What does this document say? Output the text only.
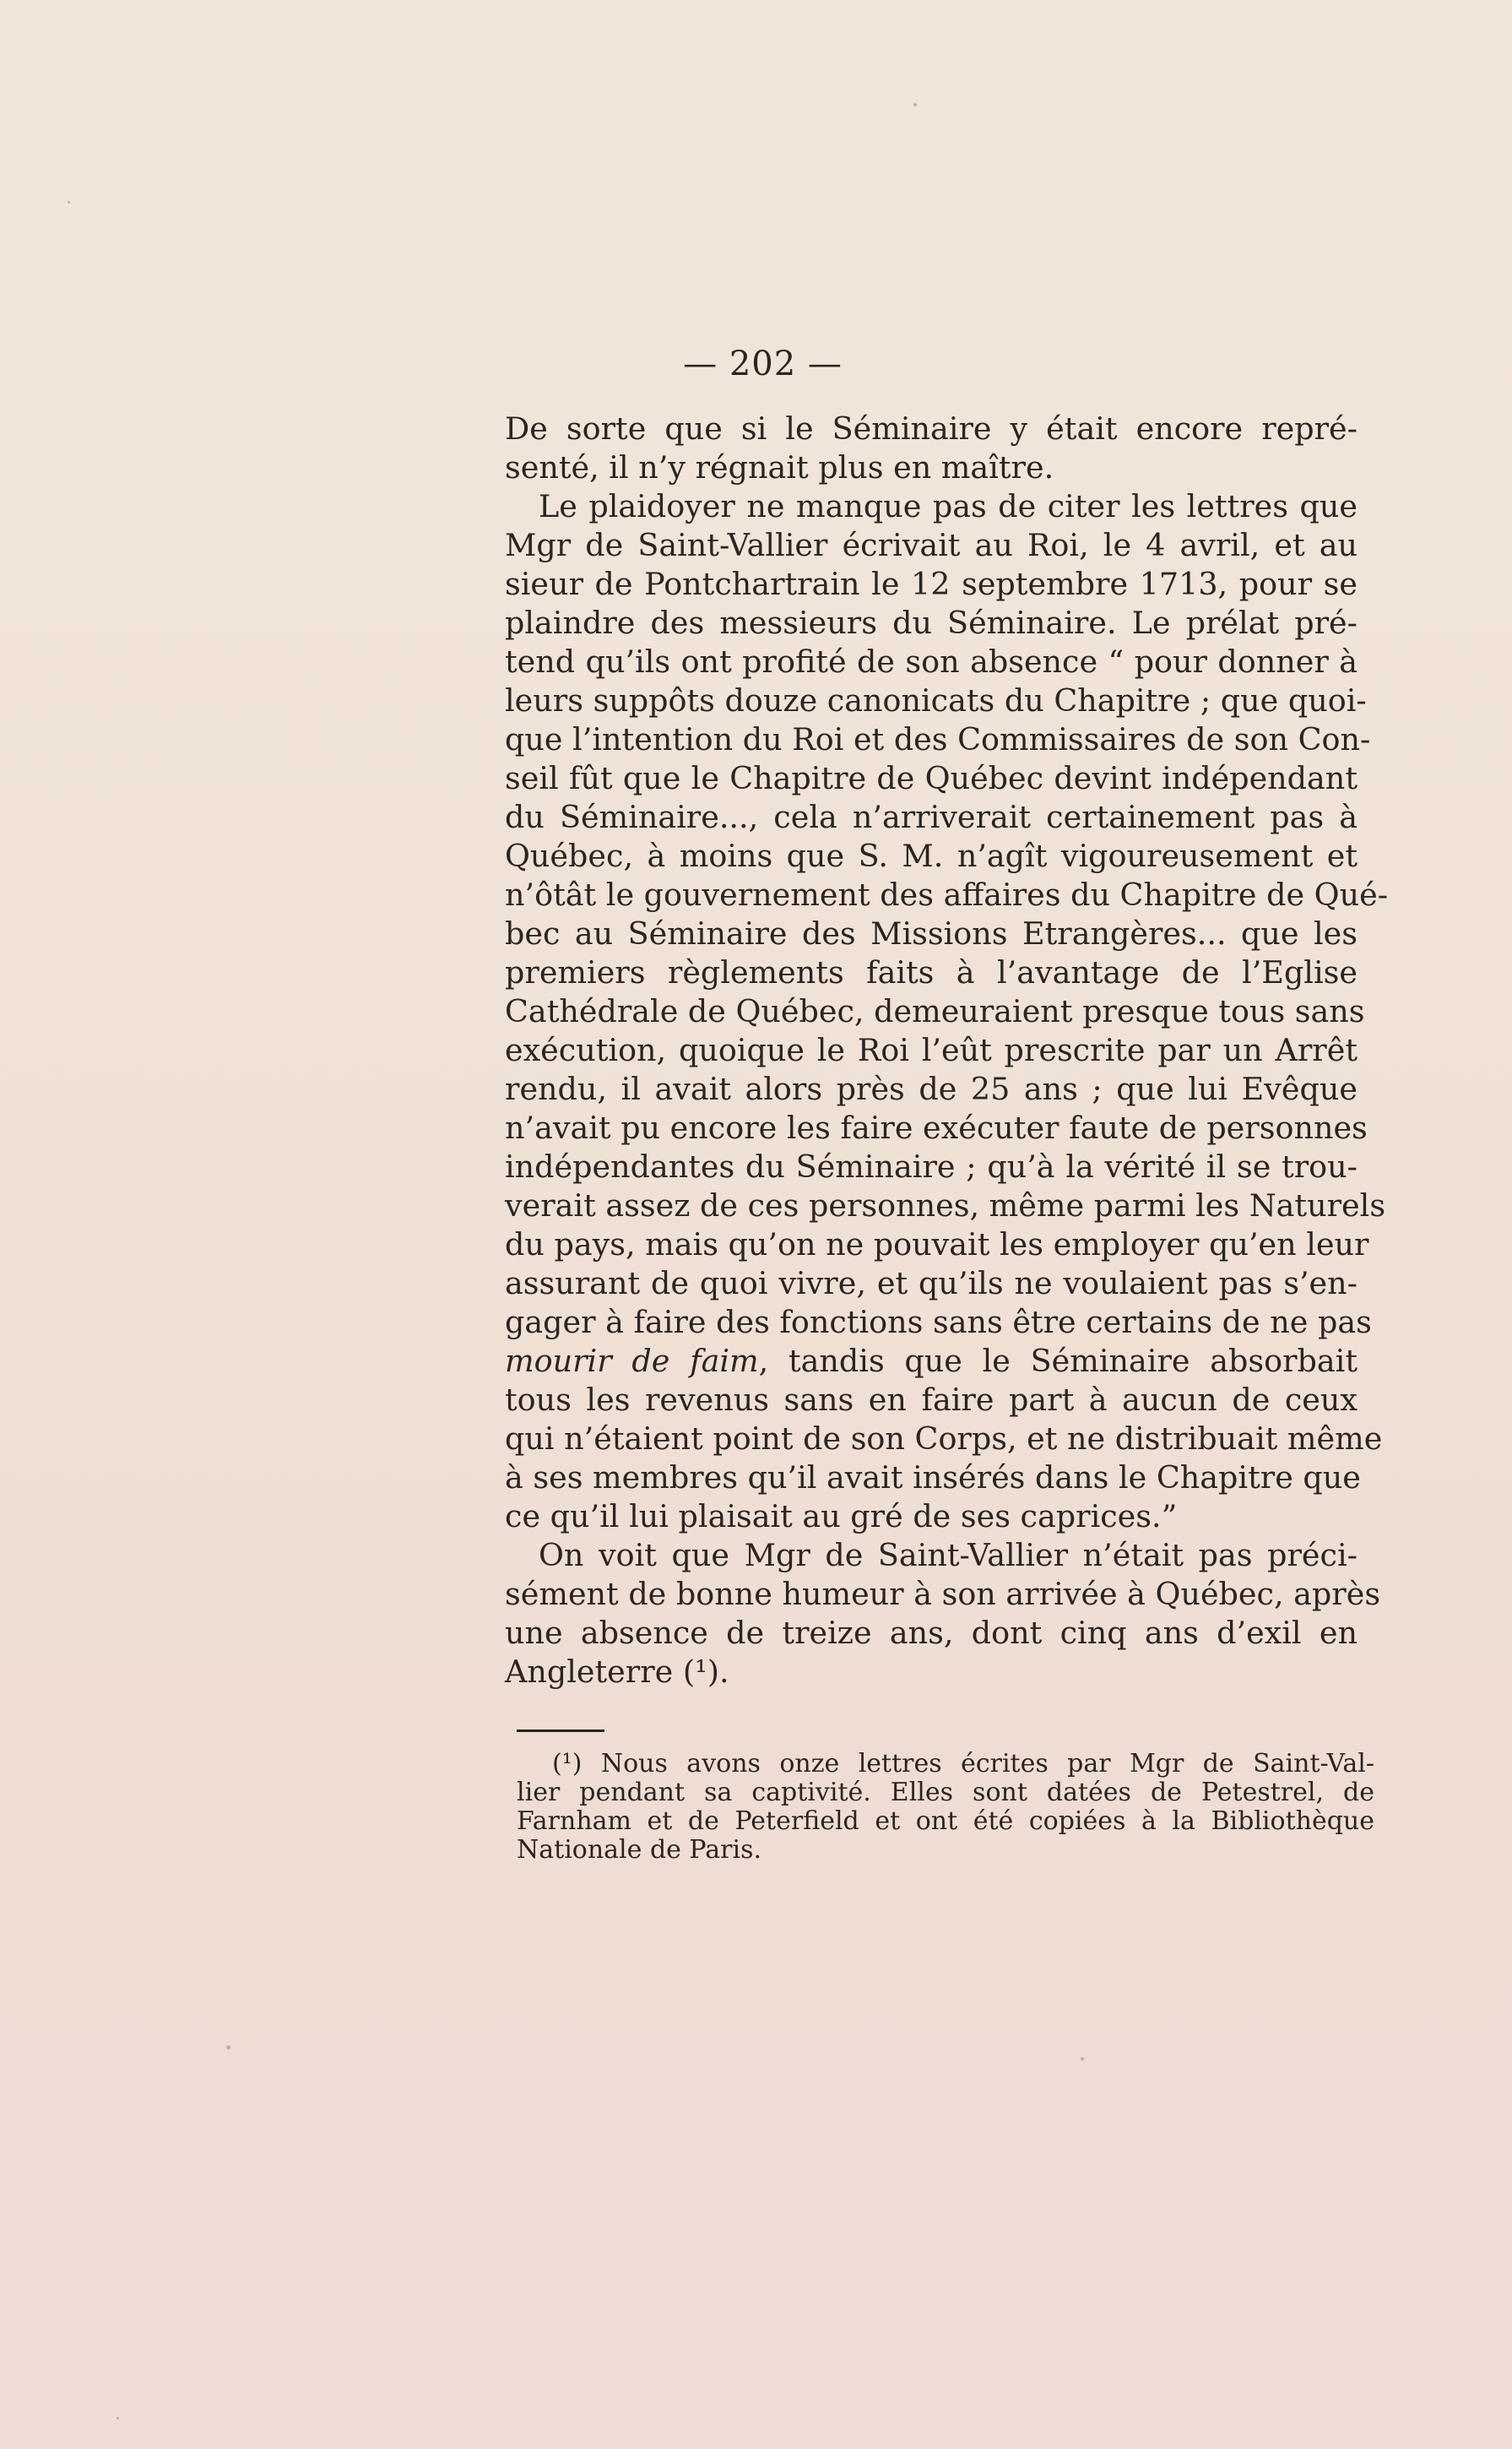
— 202 —
De sorte que si le Séminaire y était encore repré-
senté, il n’y régnait plus en maître.
Le plaidoyer ne manque pas de citer les lettres que
Mgr de Saint-Vallier écrivait au Roi, le 4 avril, et au
sieur de Pontchartrain le 12 septembre 1713, pour se
plaindre des messieurs du Séminaire. Le prélat pré-
tend qu’ils ont profité de son absence “ pour donner à
leurs suppôts douze canonicats du Chapitre ; que quoi-
que l’intention du Roi et des Commissaires de son Con-
seil fût que le Chapitre de Québec devint indépendant
du Séminaire..., cela n’arriverait certainement pas à
Québec, à moins que S. M. n’agît vigoureusement et
n’ôtât le gouvernement des affaires du Chapitre de Qué-
bec au Séminaire des Missions Etrangères... que les
premiers règlements faits à l’avantage de l’Eglise
Cathédrale de Québec, demeuraient presque tous sans
exécution, quoique le Roi l’eût prescrite par un Arrêt
rendu, il avait alors près de 25 ans ; que lui Evêque
n’avait pu encore les faire exécuter faute de personnes
indépendantes du Séminaire ; qu’à la vérité il se trou-
verait assez de ces personnes, même parmi les Naturels
du pays, mais qu’on ne pouvait les employer qu’en leur
assurant de quoi vivre, et qu’ils ne voulaient pas s’en-
gager à faire des fonctions sans être certains de ne pas
mourir de faim, tandis que le Séminaire absorbait
tous les revenus sans en faire part à aucun de ceux
qui n’étaient point de son Corps, et ne distribuait même
à ses membres qu’il avait insérés dans le Chapitre que
ce qu’il lui plaisait au gré de ses caprices.”
On voit que Mgr de Saint-Vallier n’était pas préci-
sément de bonne humeur à son arrivée à Québec, après
une absence de treize ans, dont cinq ans d’exil en
Angleterre (¹).
(¹) Nous avons onze lettres écrites par Mgr de Saint-Val-
lier pendant sa captivité. Elles sont datées de Petestrel, de
Farnham et de Peterfield et ont été copiées à la Bibliothèque
Nationale de Paris.
